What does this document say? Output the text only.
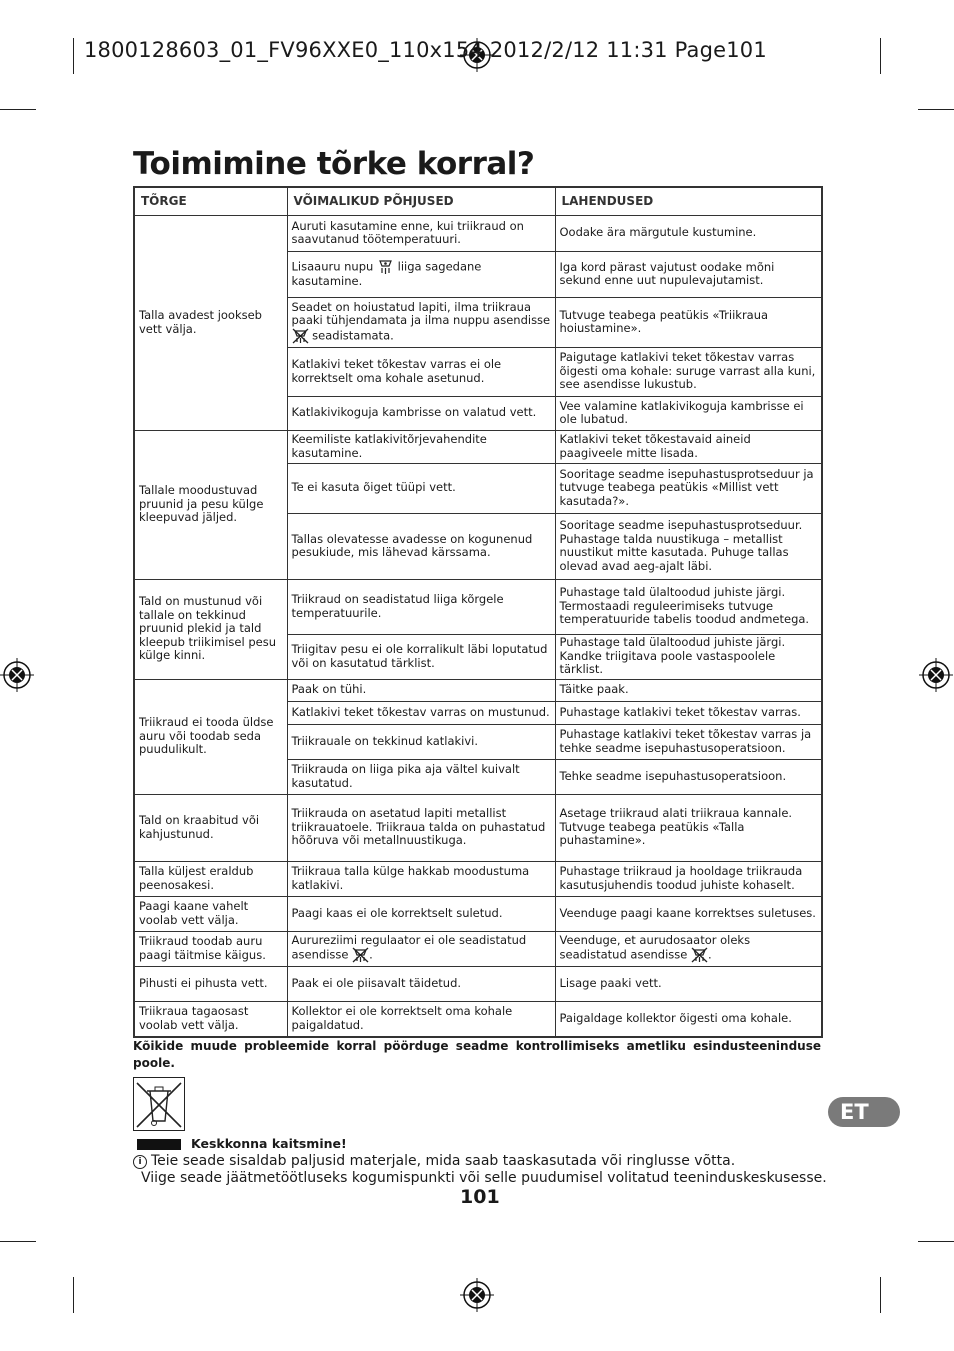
1800128603_01_FV96XXE0_110x154 2012/2/12 11:31 Page101
Toimimine tõrke korral?
TÕRGE	VÕIMALIKUD PÕHJUSED	LAHENDUSED
Talla avadest jookseb vett välja.	Auruti kasutamine enne, kui triikraud on saavutanud töötemperatuuri.	Oodake ära märgutule kustumine.
	Lisaauru nupu liiga sagedane kasutamine.	Iga kord pärast vajutust oodake mõni sekund enne uut nupulevajutamist.
	Seadet on hoiustatud lapiti, ilma triikraua paaki tühjendamata ja ilma nuppu asendisse  seadistamata.	Tutvuge teabega peatükis «Triikraua hoiustamine».
	Katlakivi teket tõkestav varras ei ole korrektselt oma kohale asetunud.	Paigutage katlakivi teket tõkestav varras õigesti oma kohale: suruge varrast alla kuni, see asendisse lukustub.
	Katlakivikoguja kambrisse on valatud vett.	Vee valamine katlakivikoguja kambrisse ei ole lubatud.
Tallale moodustuvad pruunid ja pesu külge kleepuvad jäljed.	Keemiliste katlakivitõrjevahendite kasutamine.	Katlakivi teket tõkestavaid aineid paagiveele mitte lisada.
	Te ei kasuta õiget tüüpi vett.	Sooritage seadme isepuhastusprotseduur ja tutvuge teabega peatükis «Millist vett kasutada?».
	Tallas olevatesse avadesse on kogunenud pesukiude, mis lähevad kärssama.	Sooritage seadme isepuhastusprotseduur. Puhastage talda nuustikuga – metallist nuustikut mitte kasutada. Puhuge tallas olevad avad aeg-ajalt läbi.
Tald on mustunud või tallale on tekkinud pruunid plekid ja tald kleepub triikimisel pesu külge kinni.	Triikraud on seadistatud liiga kõrgele temperatuurile.	Puhastage tald ülaltoodud juhiste järgi. Termostaadi reguleerimiseks tutvuge temperatuuride tabelis toodud andmetega.
	Triigitav pesu ei ole korralikult läbi loputatud või on kasutatud tärklist.	Puhastage tald ülaltoodud juhiste järgi. Kandke triigitava poole vastaspoolele tärklist.
Triikraud ei tooda üldse auru või toodab seda puudulikult.	Paak on tühi.	Täitke paak.
	Katlakivi teket tõkestav varras on mustunud.	Puhastage katlakivi teket tõkestav varras.
	Triikrauale on tekkinud katlakivi.	Puhastage katlakivi teket tõkestav varras ja tehke seadme isepuhastusoperatsioon.
	Triikrauda on liiga pika aja vältel kuivalt kasutatud.	Tehke seadme isepuhastusoperatsioon.
Tald on kraabitud või kahjustunud.	Triikrauda on asetatud lapiti metallist triikrauatoele. Triikraua talda on puhastatud hõõruva või metallnuustikuga.	Asetage triikraud alati triikraua kannale. Tutvuge teabega peatükis «Talla puhastamine».
Talla küljest eraldub peenosakesi.	Triikraua talla külge hakkab moodustuma katlakivi.	Puhastage triikraud ja hooldage triikrauda kasutusjuhendis toodud juhiste kohaselt.
Paagi kaane vahelt voolab vett välja.	Paagi kaas ei ole korrektselt suletud.	Veenduge paagi kaane korrektses suletuses.
Triikraud toodab auru paagi täitmise käigus.	Aurureziimi regulaator ei ole seadistatud asendisse .	Veenduge, et aurudosaator oleks seadistatud asendisse .
Pihusti ei pihusta vett.	Paak ei ole piisavalt täidetud.	Lisage paaki vett.
Triikraua tagaosast voolab vett välja.	Kollektor ei ole korrektselt oma kohale paigaldatud.	Paigaldage kollektor õigesti oma kohale.
Kõikide muude probleemide korral pöörduge seadme kontrollimiseks ametliku esindusteeninduse poole.
Keskkonna kaitsmine!
i Teie seade sisaldab paljusid materjale, mida saab taaskasutada või ringlusse võtta.
Viige seade jäätmetöötluseks kogumispunkti või selle puudumisel volitatud teeninduskeskusesse.
101
ET
